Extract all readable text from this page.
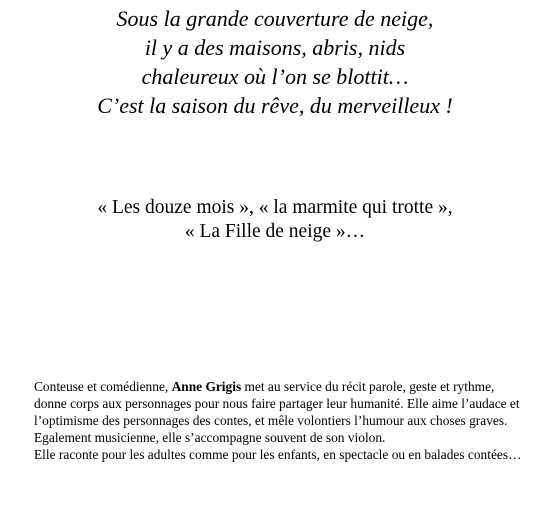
Sous la grande couverture de neige,
il y a des maisons, abris, nids
chaleureux où l’on se blottit…
C’est la saison du rêve, du merveilleux !
« Les douze mois », « la marmite qui trotte »,
« La Fille de neige »…
Conteuse et comédienne, Anne Grigis met au service du récit parole, geste et rythme, donne corps aux personnages pour nous faire partager leur humanité. Elle aime l’audace et l’optimisme des personnages des contes, et mêle volontiers l’humour aux choses graves. Egalement musicienne, elle s’accompagne souvent de son violon.
Elle raconte pour les adultes comme pour les enfants, en spectacle ou en balades contées…
